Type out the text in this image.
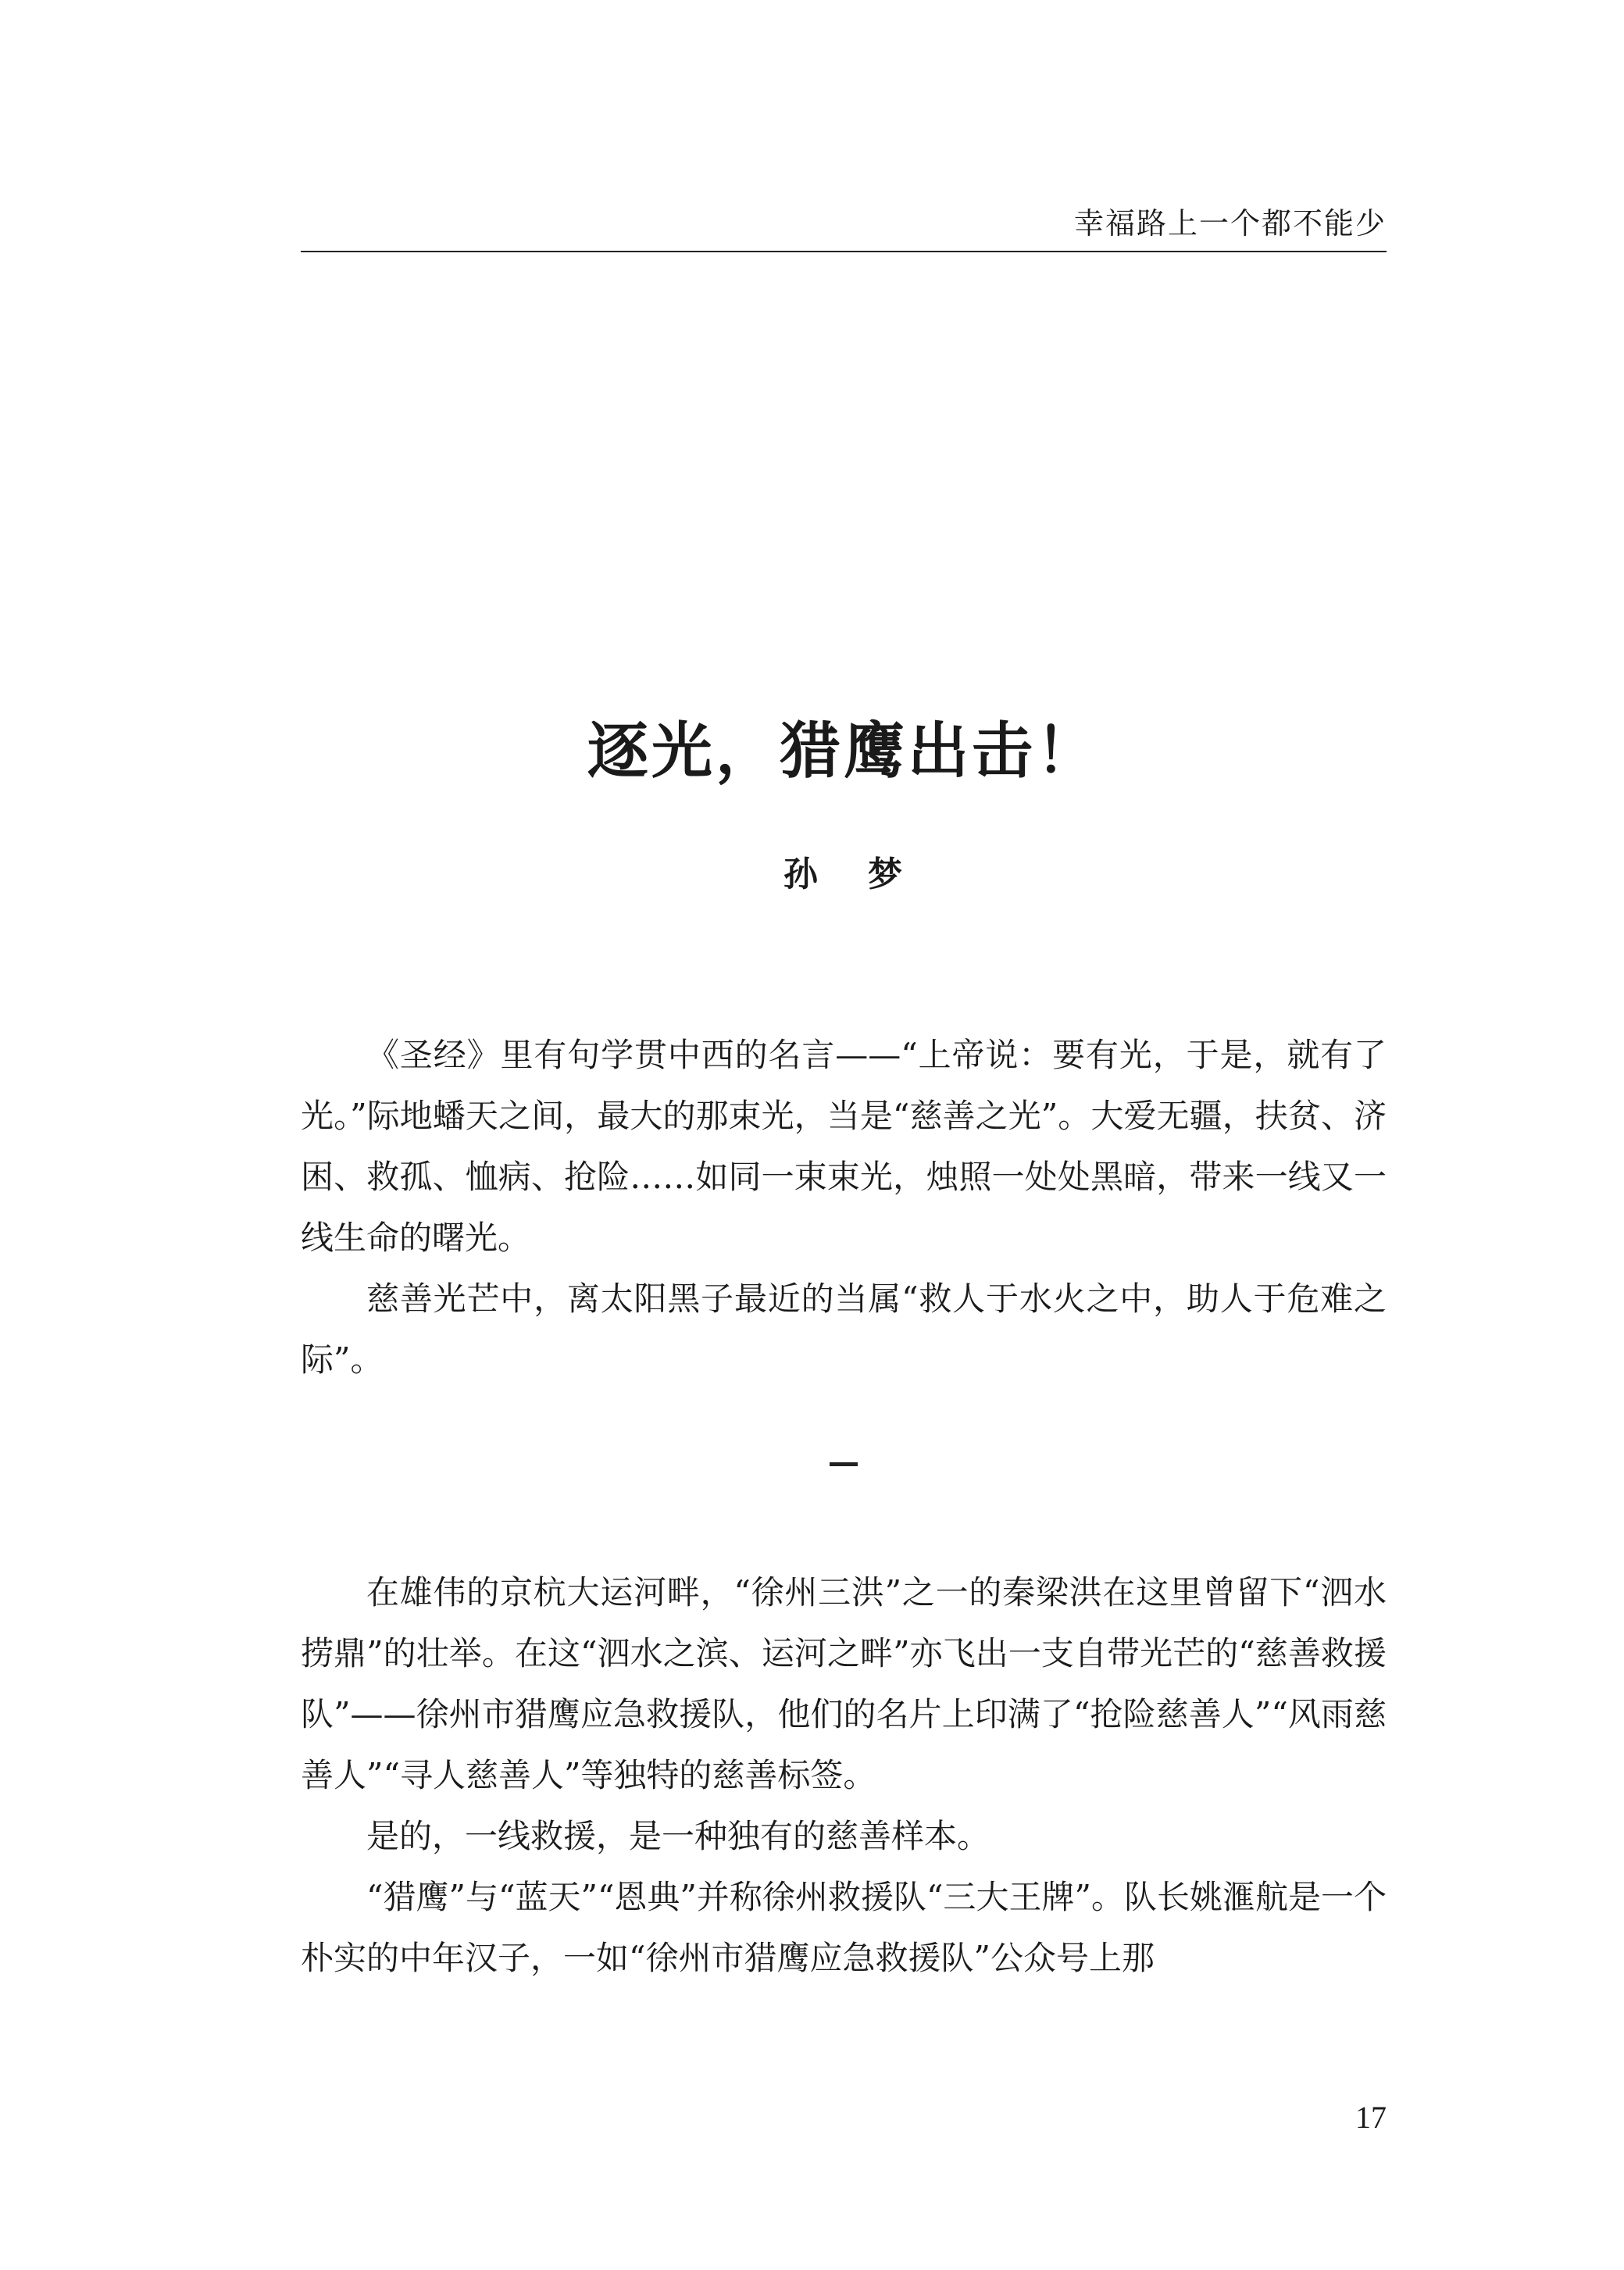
幸福路上一个都不能少
逐光，猎鹰出击！
孙 梦

《圣经》里有句学贯中西的名言——“上帝说：要有光，于是，就有了光。”际地蟠天之间，最大的那束光，当是“慈善之光”。大爱无疆，扶贫、济困、救孤、恤病、抢险……如同一束束光，烛照一处处黑暗，带来一线又一线生命的曙光。

慈善光芒中，离太阳黑子最近的当属“救人于水火之中，助人于危难之际”。

在雄伟的京杭大运河畔，“徐州三洪”之一的秦梁洪在这里曾留下“泗水捞鼎”的壮举。在这“泗水之滨、运河之畔”亦飞出一支自带光芒的“慈善救援队”——徐州市猎鹰应急救援队，他们的名片上印满了“抢险慈善人”“风雨慈善人”“寻人慈善人”等独特的慈善标签。

是的，一线救援，是一种独有的慈善样本。

“猎鹰”与“蓝天”“恩典”并称徐州救援队“三大王牌”。队长姚滙航是一个朴实的中年汉子，一如“徐州市猎鹰应急救援队”公众号上那

17
